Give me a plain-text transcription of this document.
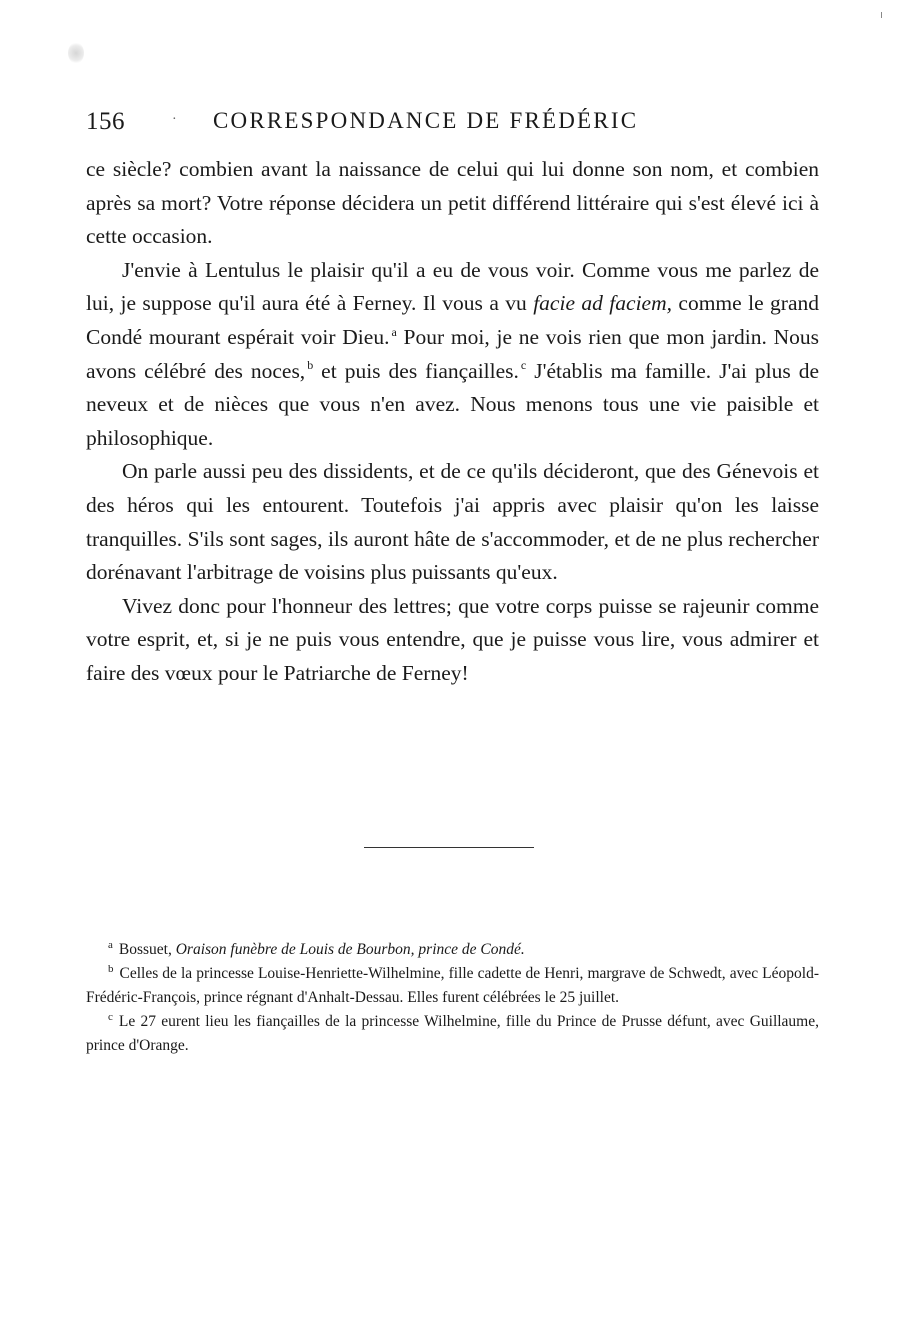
156	· CORRESPONDANCE DE FRÉDÉRIC

ce siècle? combien avant la naissance de celui qui lui donne son nom, et combien après sa mort? Votre réponse décidera un petit différend littéraire qui s'est élevé ici à cette occasion.

J'envie à Lentulus le plaisir qu'il a eu de vous voir. Comme vous me parlez de lui, je suppose qu'il aura été à Ferney. Il vous a vu facie ad faciem, comme le grand Condé mourant espérait voir Dieu. $^a$ Pour moi, je ne vois rien que mon jardin. Nous avons célébré des noces, $^b$ et puis des fiançailles. $^c$ J'établis ma famille. J'ai plus de neveux et de nièces que vous n'en avez. Nous menons tous une vie paisible et philosophique.

On parle aussi peu des dissidents, et de ce qu'ils décideront, que des Génevois et des héros qui les entourent. Toutefois j'ai appris avec plaisir qu'on les laisse tranquilles. S'ils sont sages, ils auront hâte de s'accommoder, et de ne plus rechercher dorénavant l'arbitrage de voisins plus puissants qu'eux.

Vivez donc pour l'honneur des lettres; que votre corps puisse se rajeunir comme votre esprit, et, si je ne puis vous entendre, que je puisse vous lire, vous admirer et faire des vœux pour le Patriarche de Ferney!

$^a$ Bossuet, Oraison funèbre de Louis de Bourbon, prince de Condé.

$^b$ Celles de la princesse Louise-Henriette-Wilhelmine, fille cadette de Henri, margrave de Schwedt, avec Léopold-Frédéric-François, prince régnant d'Anhalt-Dessau. Elles furent célébrées le 25 juillet.

$^c$ Le 27 eurent lieu les fiançailles de la princesse Wilhelmine, fille du Prince de Prusse défunt, avec Guillaume, prince d'Orange.
